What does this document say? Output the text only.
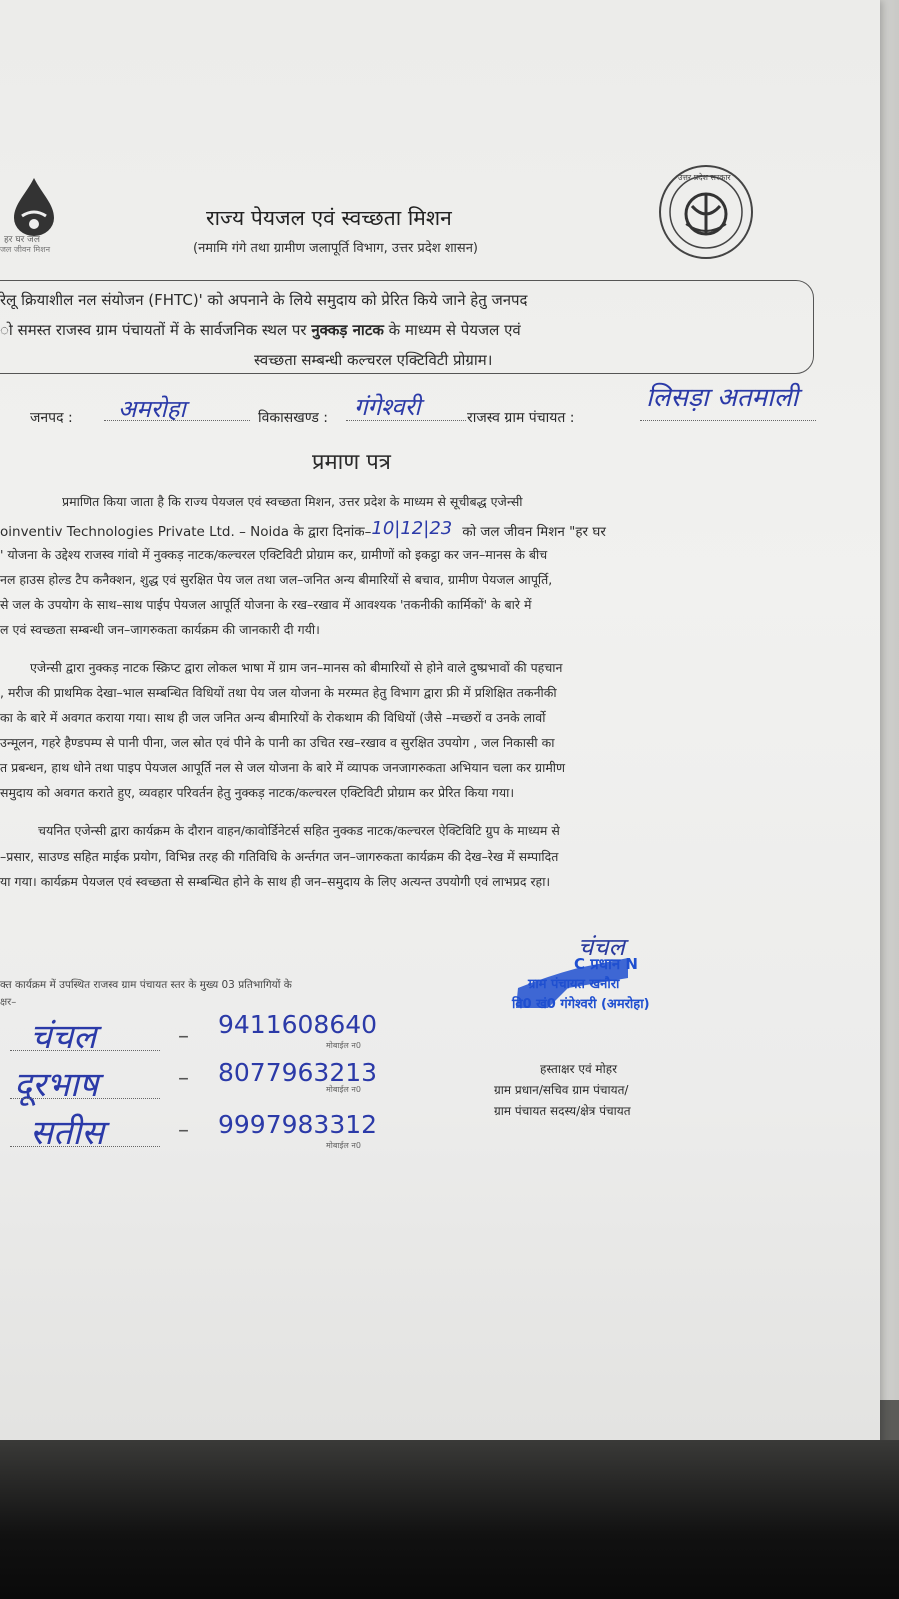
हर घर जल
जल जीवन मिशन
राज्य पेयजल एवं स्वच्छता मिशन
(नमामि गंगे तथा ग्रामीण जलापूर्ति विभाग, उत्तर प्रदेश शासन)
उत्तर प्रदेश सरकार
रेलू क्रियाशील नल संयोजन (FHTC)' को अपनाने के लिये समुदाय को प्रेरित किये जाने हेतु जनपद
ो समस्त राजस्व ग्राम पंचायतों में के सार्वजनिक स्थल पर नुक्कड़ नाटक के माध्यम से पेयजल एवं
स्वच्छता सम्बन्धी कल्चरल एक्टिविटी प्रोग्राम।
जनपद : अमरोहा	विकासखण्ड : गंगेश्वरी	राजस्व ग्राम पंचायत :
लिसड़ा अतमाली
प्रमाण पत्र
प्रमाणित किया जाता है कि राज्य पेयजल एवं स्वच्छता मिशन, उत्तर प्रदेश के माध्यम से सूचीबद्ध एजेन्सी
oinventiv Technologies Private Ltd. – Noida के द्वारा दिनांक–10|12|23 को जल जीवन मिशन "हर घर
' योजना के उद्देश्य राजस्व गांवो में नुक्कड़ नाटक/कल्चरल एक्टिविटी प्रोग्राम कर, ग्रामीणों को इकट्ठा कर जन–मानस के बीच
नल हाउस होल्ड टैप कनैक्शन, शुद्ध एवं सुरक्षित पेय जल तथा जल–जनित अन्य बीमारियों से बचाव, ग्रामीण पेयजल आपूर्ति,
से जल के उपयोग के साथ–साथ पाईप पेयजल आपूर्ति योजना के रख–रखाव में आवश्यक 'तकनीकी कार्मिकों' के बारे में
ल एवं स्वच्छता सम्बन्धी जन–जागरुकता कार्यक्रम की जानकारी दी गयी।
एजेन्सी द्वारा नुक्कड़ नाटक स्क्रिप्ट द्वारा लोकल भाषा में ग्राम जन–मानस को बीमारियों से होने वाले दुष्प्रभावों की पहचान
, मरीज की प्राथमिक देखा–भाल सम्बन्धित विधियों तथा पेय जल योजना के मरम्मत हेतु विभाग द्वारा फ्री में प्रशिक्षित तकनीकी
का के बारे में अवगत कराया गया। साथ ही जल जनित अन्य बीमारियों के रोकथाम की विधियों (जैसे –मच्छरों व उनके लार्वो
उन्मूलन, गहरे हैण्डपम्प से पानी पीना, जल स्रोत एवं पीने के पानी का उचित रख–रखाव व सुरक्षित उपयोग , जल निकासी का
त प्रबन्धन, हाथ धोने तथा पाइप पेयजल आपूर्ति नल से जल योजना के बारे में व्यापक जनजागरुकता अभियान चला कर ग्रामीण
समुदाय को अवगत कराते हुए, व्यवहार परिवर्तन हेतु नुक्कड़ नाटक/कल्चरल एक्टिविटी प्रोग्राम कर प्रेरित किया गया।
चयनित एजेन्सी द्वारा कार्यक्रम के दौरान वाहन/कावोर्डिनेटर्स सहित नुक्कड नाटक/कल्चरल ऐक्टिविटि ग्रुप के माध्यम से
–प्रसार, साउण्ड सहित माईक प्रयोग, विभिन्न तरह की गतिविधि के अर्न्तगत जन–जागरुकता कार्यक्रम की देख–रेख में सम्पादित
या गया। कार्यक्रम पेयजल एवं स्वच्छता से सम्बन्धित होने के साथ ही जन–समुदाय के लिए अत्यन्त उपयोगी एवं लाभप्रद रहा।
क्त कार्यक्रम में उपस्थित राजस्व ग्राम पंचायत स्तर के मुख्य 03 प्रतिभागियों के
क्षर–
चंचल	– 9411608640
मोबाईल न0
दूरभाष	– 8077963213
मोबाईल न0
सतीस	– 9997983312
मोबाईल न0
चंचल
C प्रधान N
ग्राम पंचायत खनौरा
वि0 खं0 गंगेश्वरी (अमरोहा)
हस्ताक्षर एवं मोहर
ग्राम प्रधान/सचिव ग्राम पंचायत/
ग्राम पंचायत सदस्य/क्षेत्र पंचायत
